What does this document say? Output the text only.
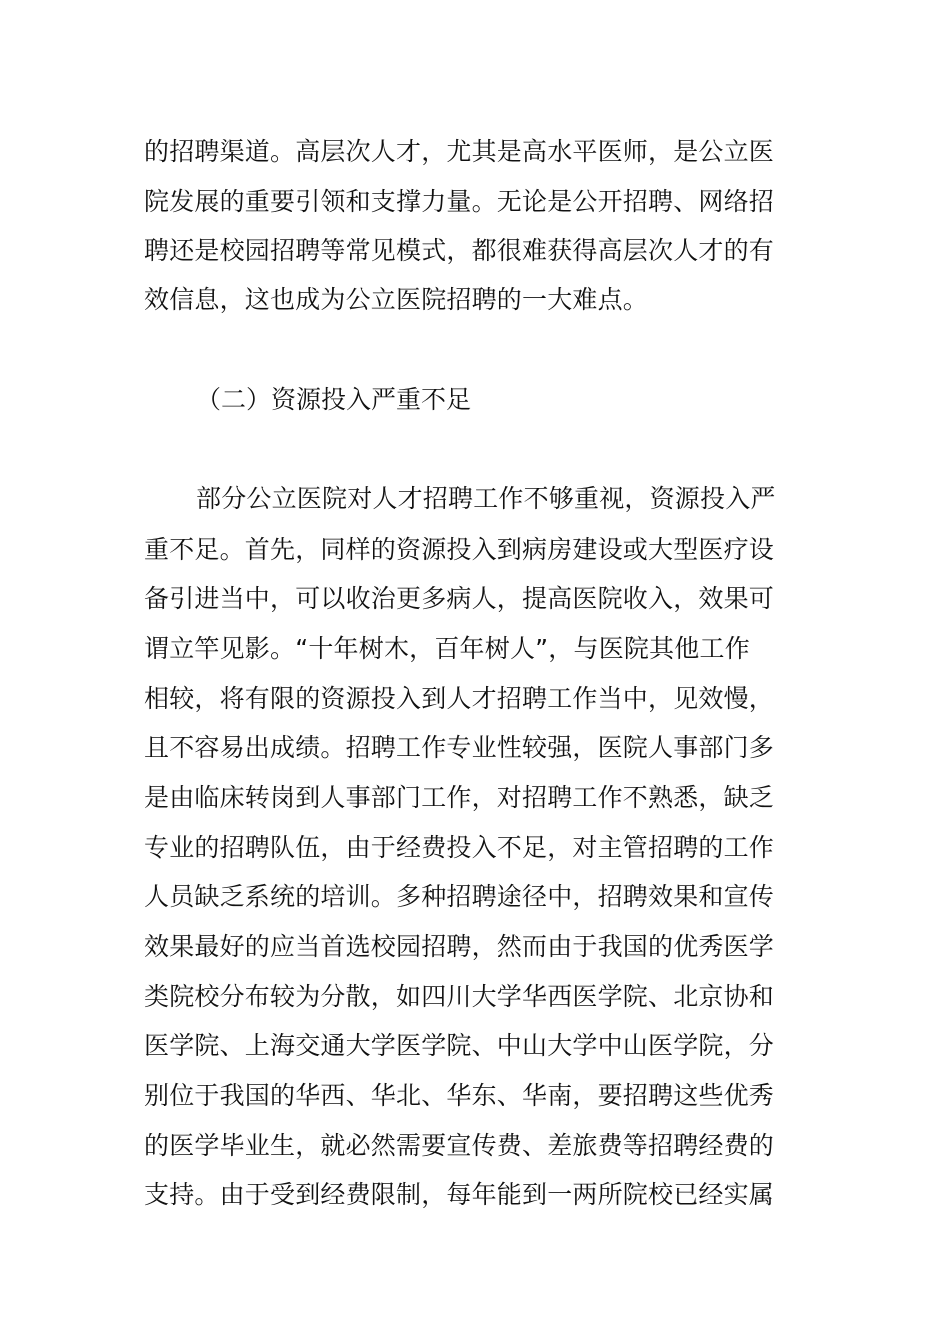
的招聘渠道。高层次人才，尤其是高水平医师，是公立医
院发展的重要引领和支撑力量。无论是公开招聘、网络招
聘还是校园招聘等常见模式，都很难获得高层次人才的有
效信息，这也成为公立医院招聘的一大难点。
（二）资源投入严重不足
部分公立医院对人才招聘工作不够重视，资源投入严
重不足。首先，同样的资源投入到病房建设或大型医疗设
备引进当中，可以收治更多病人，提高医院收入，效果可
谓立竿见影。“十年树木，百年树人”，与医院其他工作
相较，将有限的资源投入到人才招聘工作当中，见效慢，
且不容易出成绩。招聘工作专业性较强，医院人事部门多
是由临床转岗到人事部门工作，对招聘工作不熟悉，缺乏
专业的招聘队伍，由于经费投入不足，对主管招聘的工作
人员缺乏系统的培训。多种招聘途径中，招聘效果和宣传
效果最好的应当首选校园招聘，然而由于我国的优秀医学
类院校分布较为分散，如四川大学华西医学院、北京协和
医学院、上海交通大学医学院、中山大学中山医学院，分
别位于我国的华西、华北、华东、华南，要招聘这些优秀
的医学毕业生，就必然需要宣传费、差旅费等招聘经费的
支持。由于受到经费限制，每年能到一两所院校已经实属
